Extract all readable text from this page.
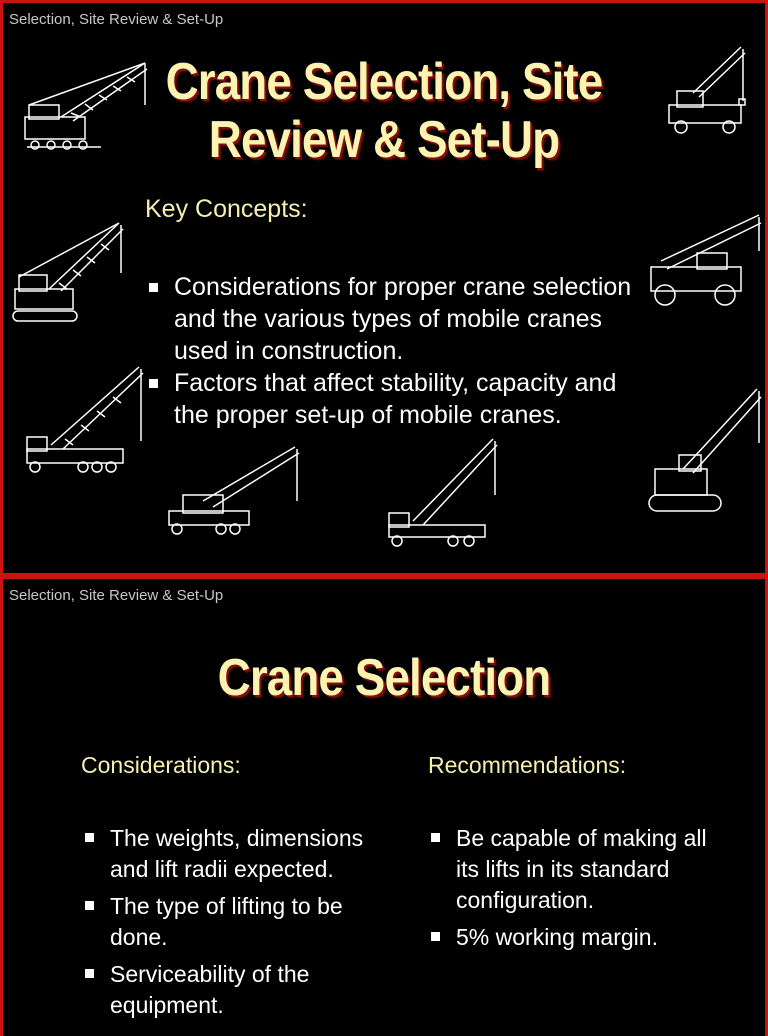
Selection, Site Review & Set-Up
Crane Selection, Site
Review & Set-Up
Key Concepts:
Considerations for proper crane selection and the various types of mobile cranes used in construction.
Factors that affect stability, capacity and the proper set-up of mobile cranes.
Selection, Site Review & Set-Up
Crane Selection
Considerations:	Recommendations:
The weights, dimensions and lift radii expected.
The type of lifting to be done.
Serviceability of the equipment.
Be capable of making all its lifts in its standard configuration.
5% working margin.
